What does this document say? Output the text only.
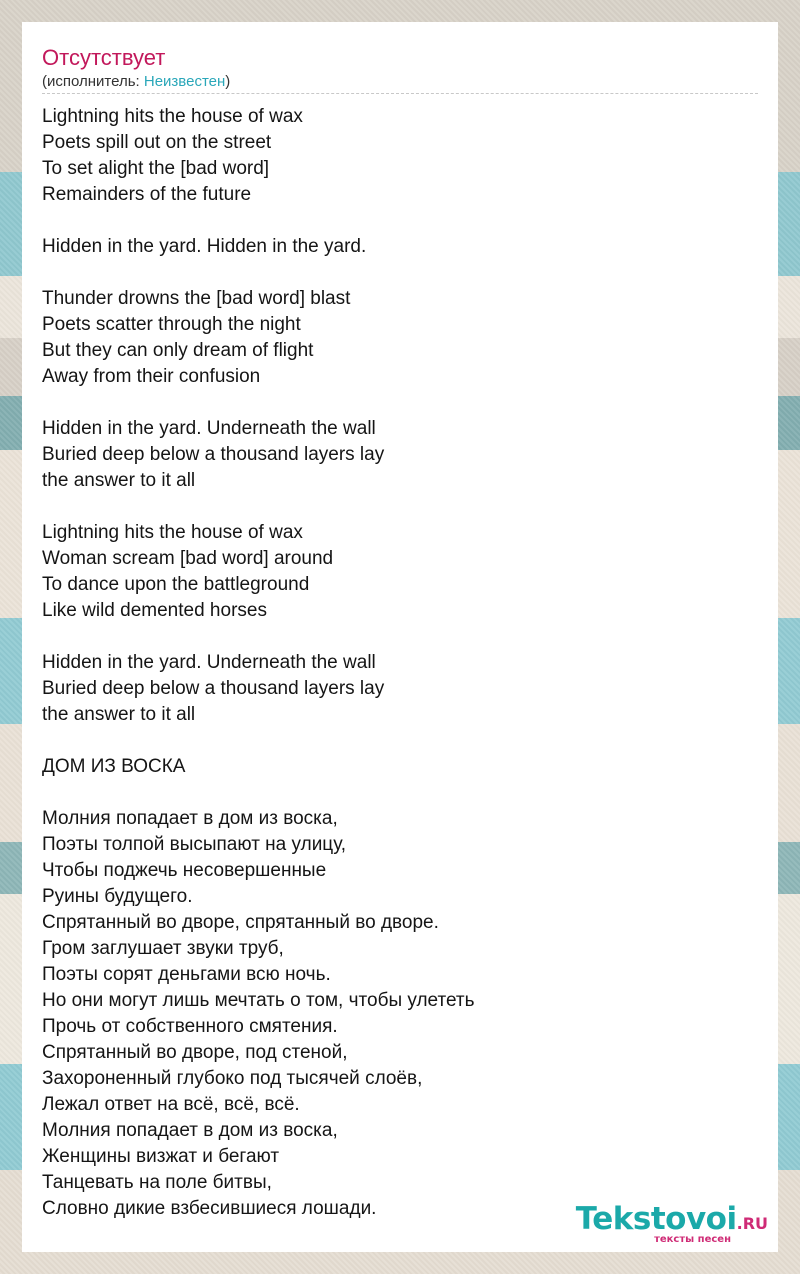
Отсутствует
(исполнитель: Неизвестен)
Lightning hits the house of wax
Poets spill out on the street
To set alight the [bad word]
Remainders of the future

Hidden in the yard. Hidden in the yard.

Thunder drowns the [bad word] blast
Poets scatter through the night
But they can only dream of flight
Away from their confusion

Hidden in the yard. Underneath the wall
Buried deep below a thousand layers lay
the answer to it all

Lightning hits the house of wax
Woman scream [bad word] around
To dance upon the battleground
Like wild demented horses

Hidden in the yard. Underneath the wall
Buried deep below a thousand layers lay
the answer to it all

ДОМ ИЗ ВОСКА

Молния попадает в дом из воска,
Поэты толпой высыпают на улицу,
Чтобы поджечь несовершенные
Руины будущего.
Спрятанный во дворе, спрятанный во дворе.
Гром заглушает звуки труб,
Поэты сорят деньгами всю ночь.
Но они могут лишь мечтать о том, чтобы улететь
Прочь от собственного смятения.
Спрятанный во дворе, под стеной,
Захороненный глубоко под тысячей слоёв,
Лежал ответ на всё, всё, всё.
Молния попадает в дом из воска,
Женщины визжат и бегают
Танцевать на поле битвы,
Словно дикие взбесившиеся лошади.	Tekstovoi.RU
тексты песен
